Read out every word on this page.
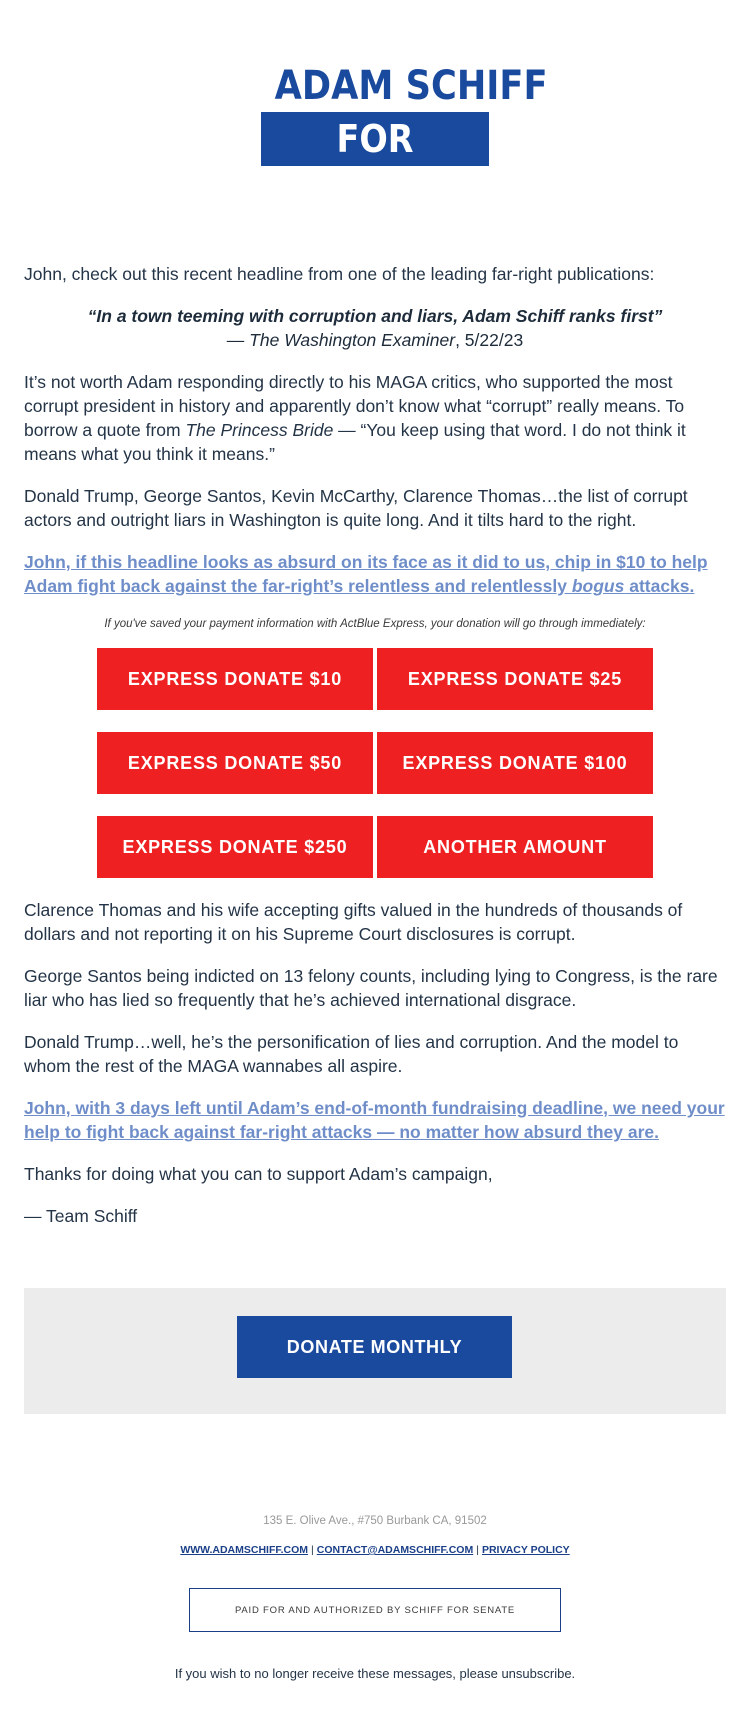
ADAM SCHIFF
FOR SENATE

John, check out this recent headline from one of the leading far-right publications:

“In a town teeming with corruption and liars, Adam Schiff ranks first”
— The Washington Examiner, 5/22/23

It’s not worth Adam responding directly to his MAGA critics, who supported the most corrupt president in history and apparently don’t know what “corrupt” really means. To borrow a quote from The Princess Bride — “You keep using that word. I do not think it means what you think it means.”

Donald Trump, George Santos, Kevin McCarthy, Clarence Thomas…the list of corrupt actors and outright liars in Washington is quite long. And it tilts hard to the right.

John, if this headline looks as absurd on its face as it did to us, chip in $10 to help Adam fight back against the far-right’s relentless and relentlessly bogus attacks.

If you've saved your payment information with ActBlue Express, your donation will go through immediately:
EXPRESS DONATE $10	EXPRESS DONATE $25
EXPRESS DONATE $50	EXPRESS DONATE $100
EXPRESS DONATE $250	ANOTHER AMOUNT

Clarence Thomas and his wife accepting gifts valued in the hundreds of thousands of dollars and not reporting it on his Supreme Court disclosures is corrupt.

George Santos being indicted on 13 felony counts, including lying to Congress, is the rare liar who has lied so frequently that he’s achieved international disgrace.

Donald Trump…well, he’s the personification of lies and corruption. And the model to whom the rest of the MAGA wannabes all aspire.

John, with 3 days left until Adam’s end-of-month fundraising deadline, we need your help to fight back against far-right attacks — no matter how absurd they are.

Thanks for doing what you can to support Adam’s campaign,

— Team Schiff

DONATE MONTHLY
135 E. Olive Ave., #750 Burbank CA, 91502
WWW.ADAMSCHIFF.COM | CONTACT@ADAMSCHIFF.COM | PRIVACY POLICY
PAID FOR AND AUTHORIZED BY SCHIFF FOR SENATE
If you wish to no longer receive these messages, please unsubscribe.
